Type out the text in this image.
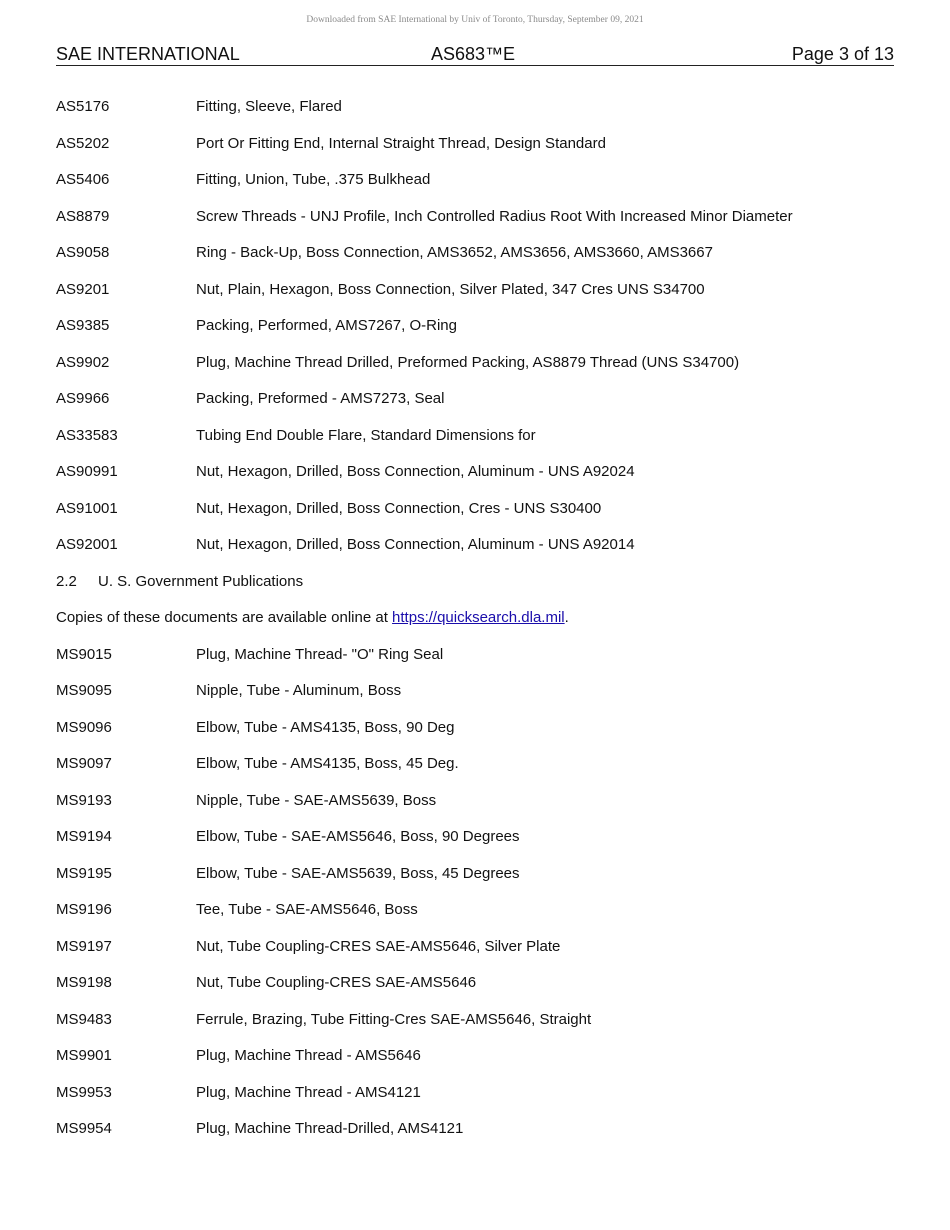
Downloaded from SAE International by Univ of Toronto, Thursday, September 09, 2021
SAE INTERNATIONAL	AS683™E	Page 3 of 13
AS5176	Fitting, Sleeve, Flared
AS5202	Port Or Fitting End, Internal Straight Thread, Design Standard
AS5406	Fitting, Union, Tube, .375 Bulkhead
AS8879	Screw Threads - UNJ Profile, Inch Controlled Radius Root With Increased Minor Diameter
AS9058	Ring - Back-Up, Boss Connection, AMS3652, AMS3656, AMS3660, AMS3667
AS9201	Nut, Plain, Hexagon, Boss Connection, Silver Plated, 347 Cres UNS S34700
AS9385	Packing, Performed, AMS7267, O-Ring
AS9902	Plug, Machine Thread Drilled, Preformed Packing, AS8879 Thread (UNS S34700)
AS9966	Packing, Preformed - AMS7273, Seal
AS33583	Tubing End Double Flare, Standard Dimensions for
AS90991	Nut, Hexagon, Drilled, Boss Connection, Aluminum - UNS A92024
AS91001	Nut, Hexagon, Drilled, Boss Connection, Cres - UNS S30400
AS92001	Nut, Hexagon, Drilled, Boss Connection, Aluminum - UNS A92014
2.2 U. S. Government Publications
Copies of these documents are available online at https://quicksearch.dla.mil.
MS9015	Plug, Machine Thread- "O" Ring Seal
MS9095	Nipple, Tube - Aluminum, Boss
MS9096	Elbow, Tube - AMS4135, Boss, 90 Deg
MS9097	Elbow, Tube - AMS4135, Boss, 45 Deg.
MS9193	Nipple, Tube - SAE-AMS5639, Boss
MS9194	Elbow, Tube - SAE-AMS5646, Boss, 90 Degrees
MS9195	Elbow, Tube - SAE-AMS5639, Boss, 45 Degrees
MS9196	Tee, Tube - SAE-AMS5646, Boss
MS9197	Nut, Tube Coupling-CRES SAE-AMS5646, Silver Plate
MS9198	Nut, Tube Coupling-CRES SAE-AMS5646
MS9483	Ferrule, Brazing, Tube Fitting-Cres SAE-AMS5646, Straight
MS9901	Plug, Machine Thread - AMS5646
MS9953	Plug, Machine Thread - AMS4121
MS9954	Plug, Machine Thread-Drilled, AMS4121
